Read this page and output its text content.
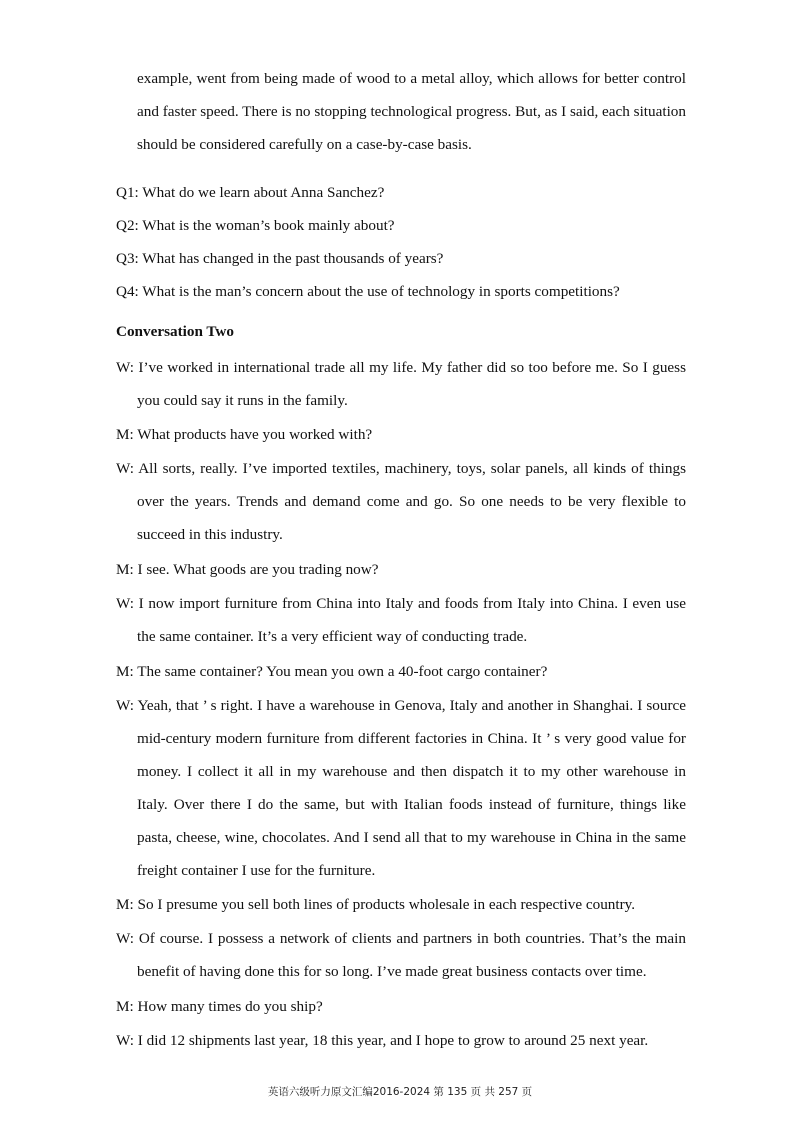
example, went from being made of wood to a metal alloy, which allows for better control and faster speed. There is no stopping technological progress. But, as I said, each situation should be considered carefully on a case-by-case basis.

Q1: What do we learn about Anna Sanchez?

Q2: What is the woman’s book mainly about?

Q3: What has changed in the past thousands of years?

Q4: What is the man’s concern about the use of technology in sports competitions?

Conversation Two

W: I’ve worked in international trade all my life. My father did so too before me. So I guess you could say it runs in the family.

M: What products have you worked with?

W: All sorts, really. I’ve imported textiles, machinery, toys, solar panels, all kinds of things over the years. Trends and demand come and go. So one needs to be very flexible to succeed in this industry.

M: I see. What goods are you trading now?

W: I now import furniture from China into Italy and foods from Italy into China. I even use the same container. It’s a very efficient way of conducting trade.

M: The same container? You mean you own a 40-foot cargo container?

W: Yeah, that ’ s right. I have a warehouse in Genova, Italy and another in Shanghai. I source mid-century modern furniture from different factories in China. It ’ s very good value for money. I collect it all in my warehouse and then dispatch it to my other warehouse in Italy. Over there I do the same, but with Italian foods instead of furniture, things like pasta, cheese, wine, chocolates. And I send all that to my warehouse in China in the same freight container I use for the furniture.

M: So I presume you sell both lines of products wholesale in each respective country.

W: Of course. I possess a network of clients and partners in both countries. That’s the main benefit of having done this for so long. I’ve made great business contacts over time.

M: How many times do you ship?

W: I did 12 shipments last year, 18 this year, and I hope to grow to around 25 next year.

英语六级听力原文汇编2016-2024 第 135 页 共 257 页
